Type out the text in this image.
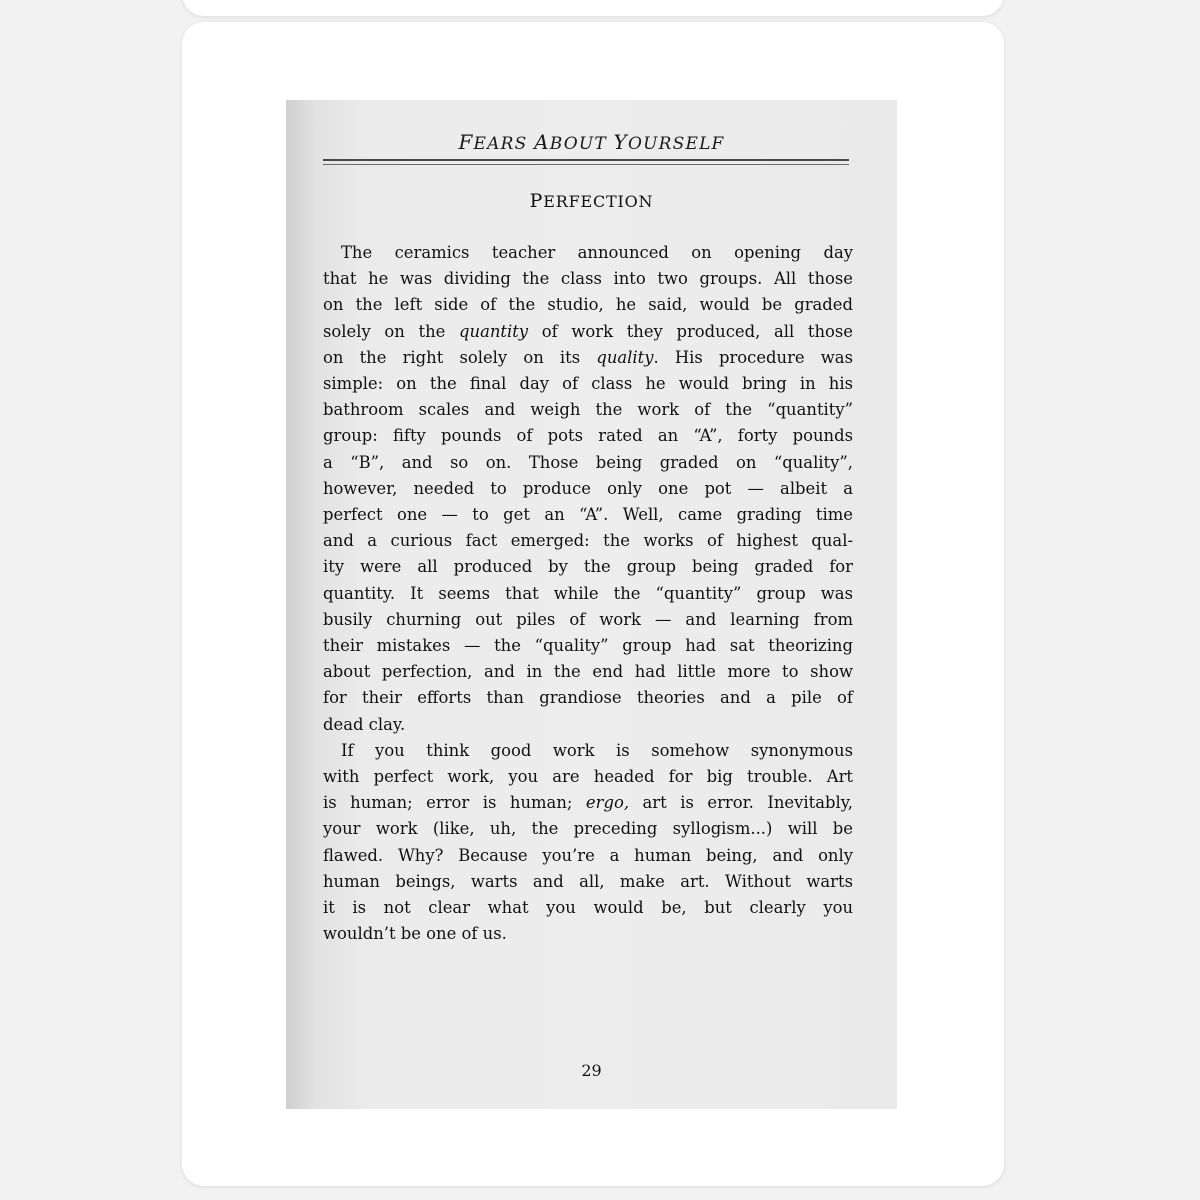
FEARS ABOUT YOURSELF
PERFECTION
The ceramics teacher announced on opening day
that he was dividing the class into two groups. All those
on the left side of the studio, he said, would be graded
solely on the quantity of work they produced, all those
on the right solely on its quality. His procedure was
simple: on the final day of class he would bring in his
bathroom scales and weigh the work of the “quantity”
group: fifty pounds of pots rated an “A”, forty pounds
a “B”, and so on. Those being graded on “quality”,
however, needed to produce only one pot — albeit a
perfect one — to get an “A”. Well, came grading time
and a curious fact emerged: the works of highest qual-
ity were all produced by the group being graded for
quantity. It seems that while the “quantity” group was
busily churning out piles of work — and learning from
their mistakes — the “quality” group had sat theorizing
about perfection, and in the end had little more to show
for their efforts than grandiose theories and a pile of
dead clay.
If you think good work is somehow synonymous
with perfect work, you are headed for big trouble. Art
is human; error is human; ergo, art is error. Inevitably,
your work (like, uh, the preceding syllogism...) will be
flawed. Why? Because you’re a human being, and only
human beings, warts and all, make art. Without warts
it is not clear what you would be, but clearly you
wouldn’t be one of us.
29
